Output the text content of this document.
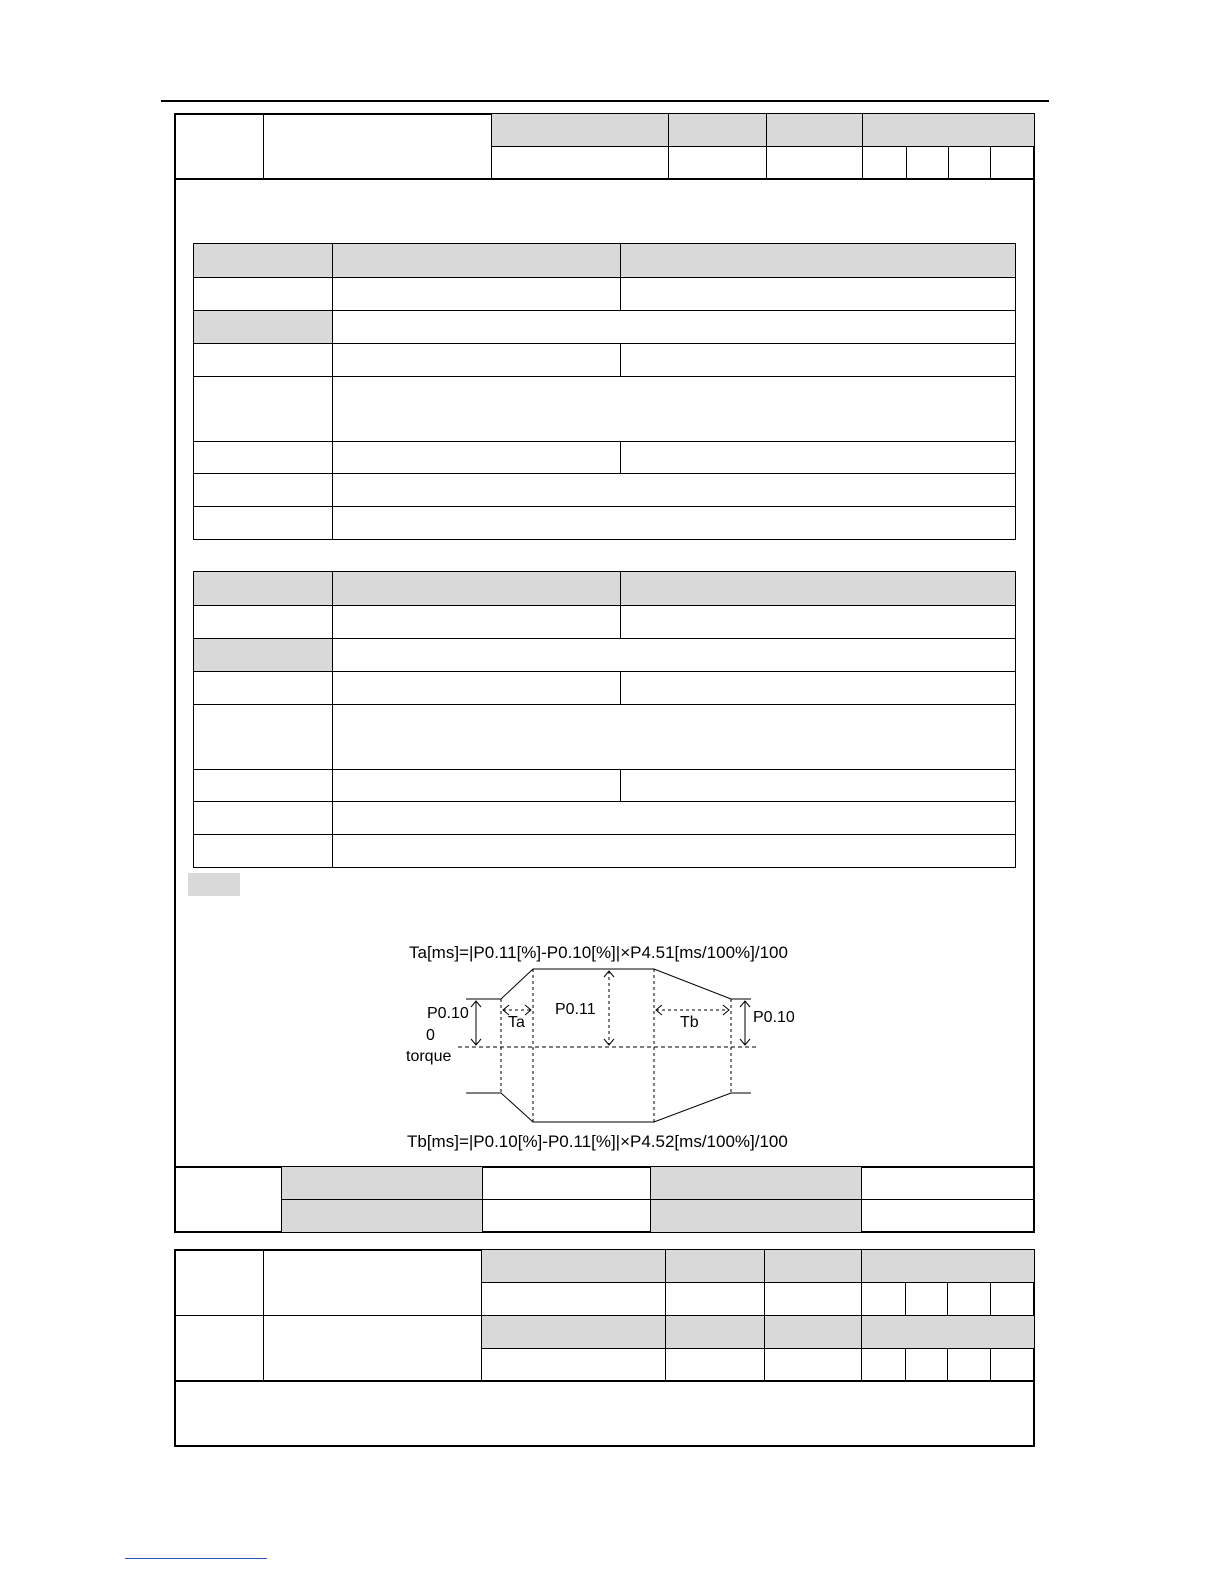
Ta[ms]=|P0.11[%]-P0.10[%]|×P4.51[ms/100%]/100
P0.10
0
torque
Ta
P0.11
Tb	P0.10
Tb[ms]=|P0.10[%]-P0.11[%]|×P4.52[ms/100%]/100
